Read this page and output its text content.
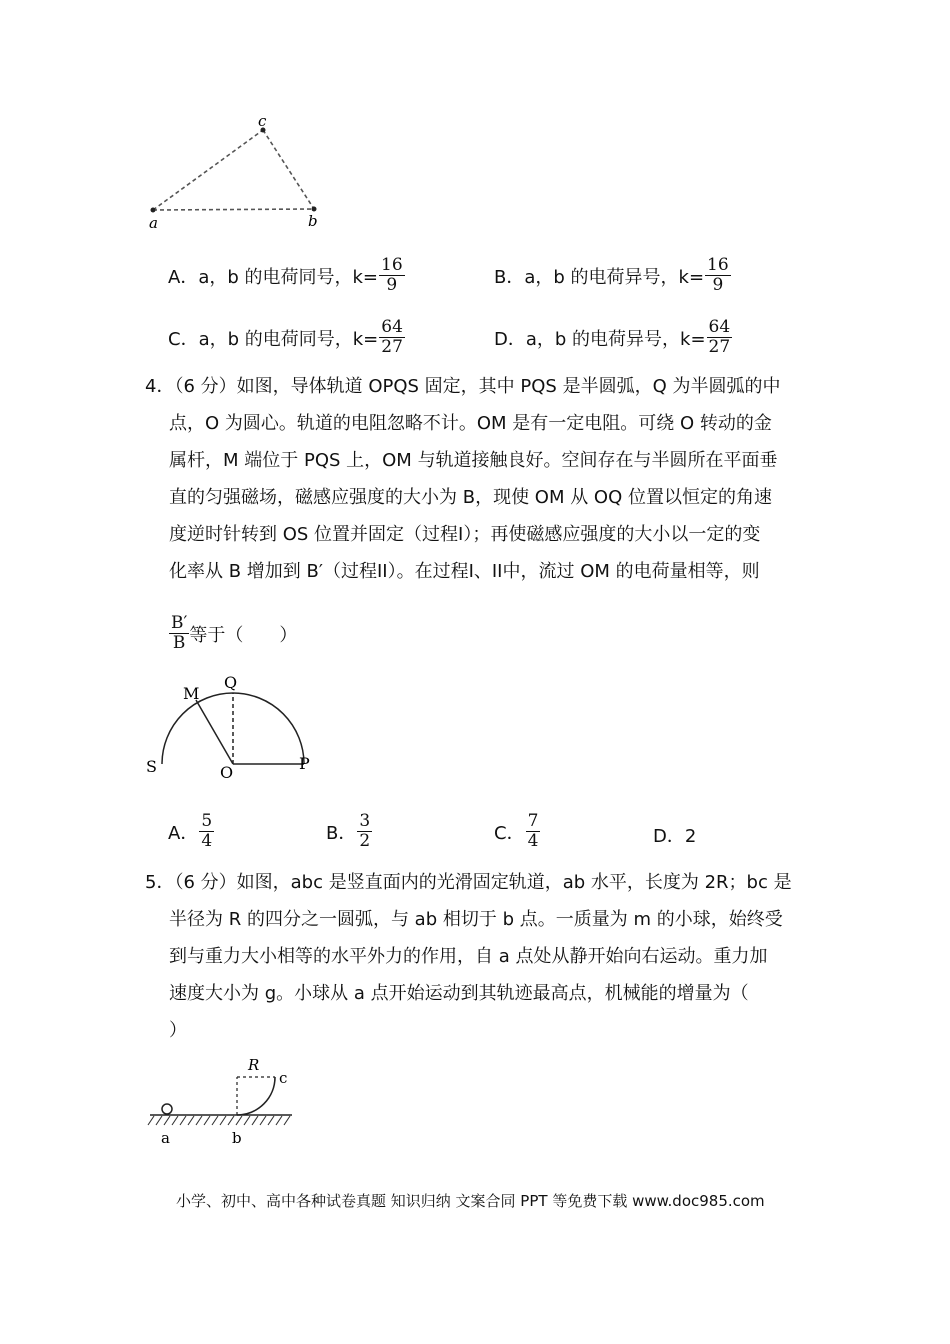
a
c
b
A．a，b 的电荷同号，$k= \frac{16}{9}$	B．a，b 的电荷异号，$k= \frac{16}{9}$
C．a，b 的电荷同号，$k= \frac{64}{27}$	D．a，b 的电荷异号，$k= \frac{64}{27}$
4．（6 分）如图，导体轨道 OPQS 固定，其中 PQS 是半圆弧，Q 为半圆弧的中
点，O 为圆心。轨道的电阻忽略不计。OM 是有一定电阻。可绕 O 转动的金
属杆，M 端位于 PQS 上，OM 与轨道接触良好。空间存在与半圆所在平面垂
直的匀强磁场，磁感应强度的大小为 B，现使 OM 从 OQ 位置以恒定的角速
度逆时针转到 OS 位置并固定（过程I）；再使磁感应强度的大小以一定的变
化率从 B 增加到 B′（过程II）。在过程I、II中，流过 OM 的电荷量相等，则
$\frac{B'}{B}$ 等于（　　）
M
Q
S	O	P
A． $\frac{5}{4}$	B． $\frac{3}{2}$	C． $\frac{7}{4}$	D．2
5．（6 分）如图，abc 是竖直面内的光滑固定轨道，ab 水平，长度为 2R；bc 是
半径为 R 的四分之一圆弧，与 ab 相切于 b 点。一质量为 m 的小球，始终受
到与重力大小相等的水平外力的作用，自 a 点处从静开始向右运动。重力加
速度大小为 g。小球从 a 点开始运动到其轨迹最高点，机械能的增量为（
）
R
c
a	b
小学、初中、高中各种试卷真题 知识归纳 文案合同 PPT 等免费下载 www.doc985.com
